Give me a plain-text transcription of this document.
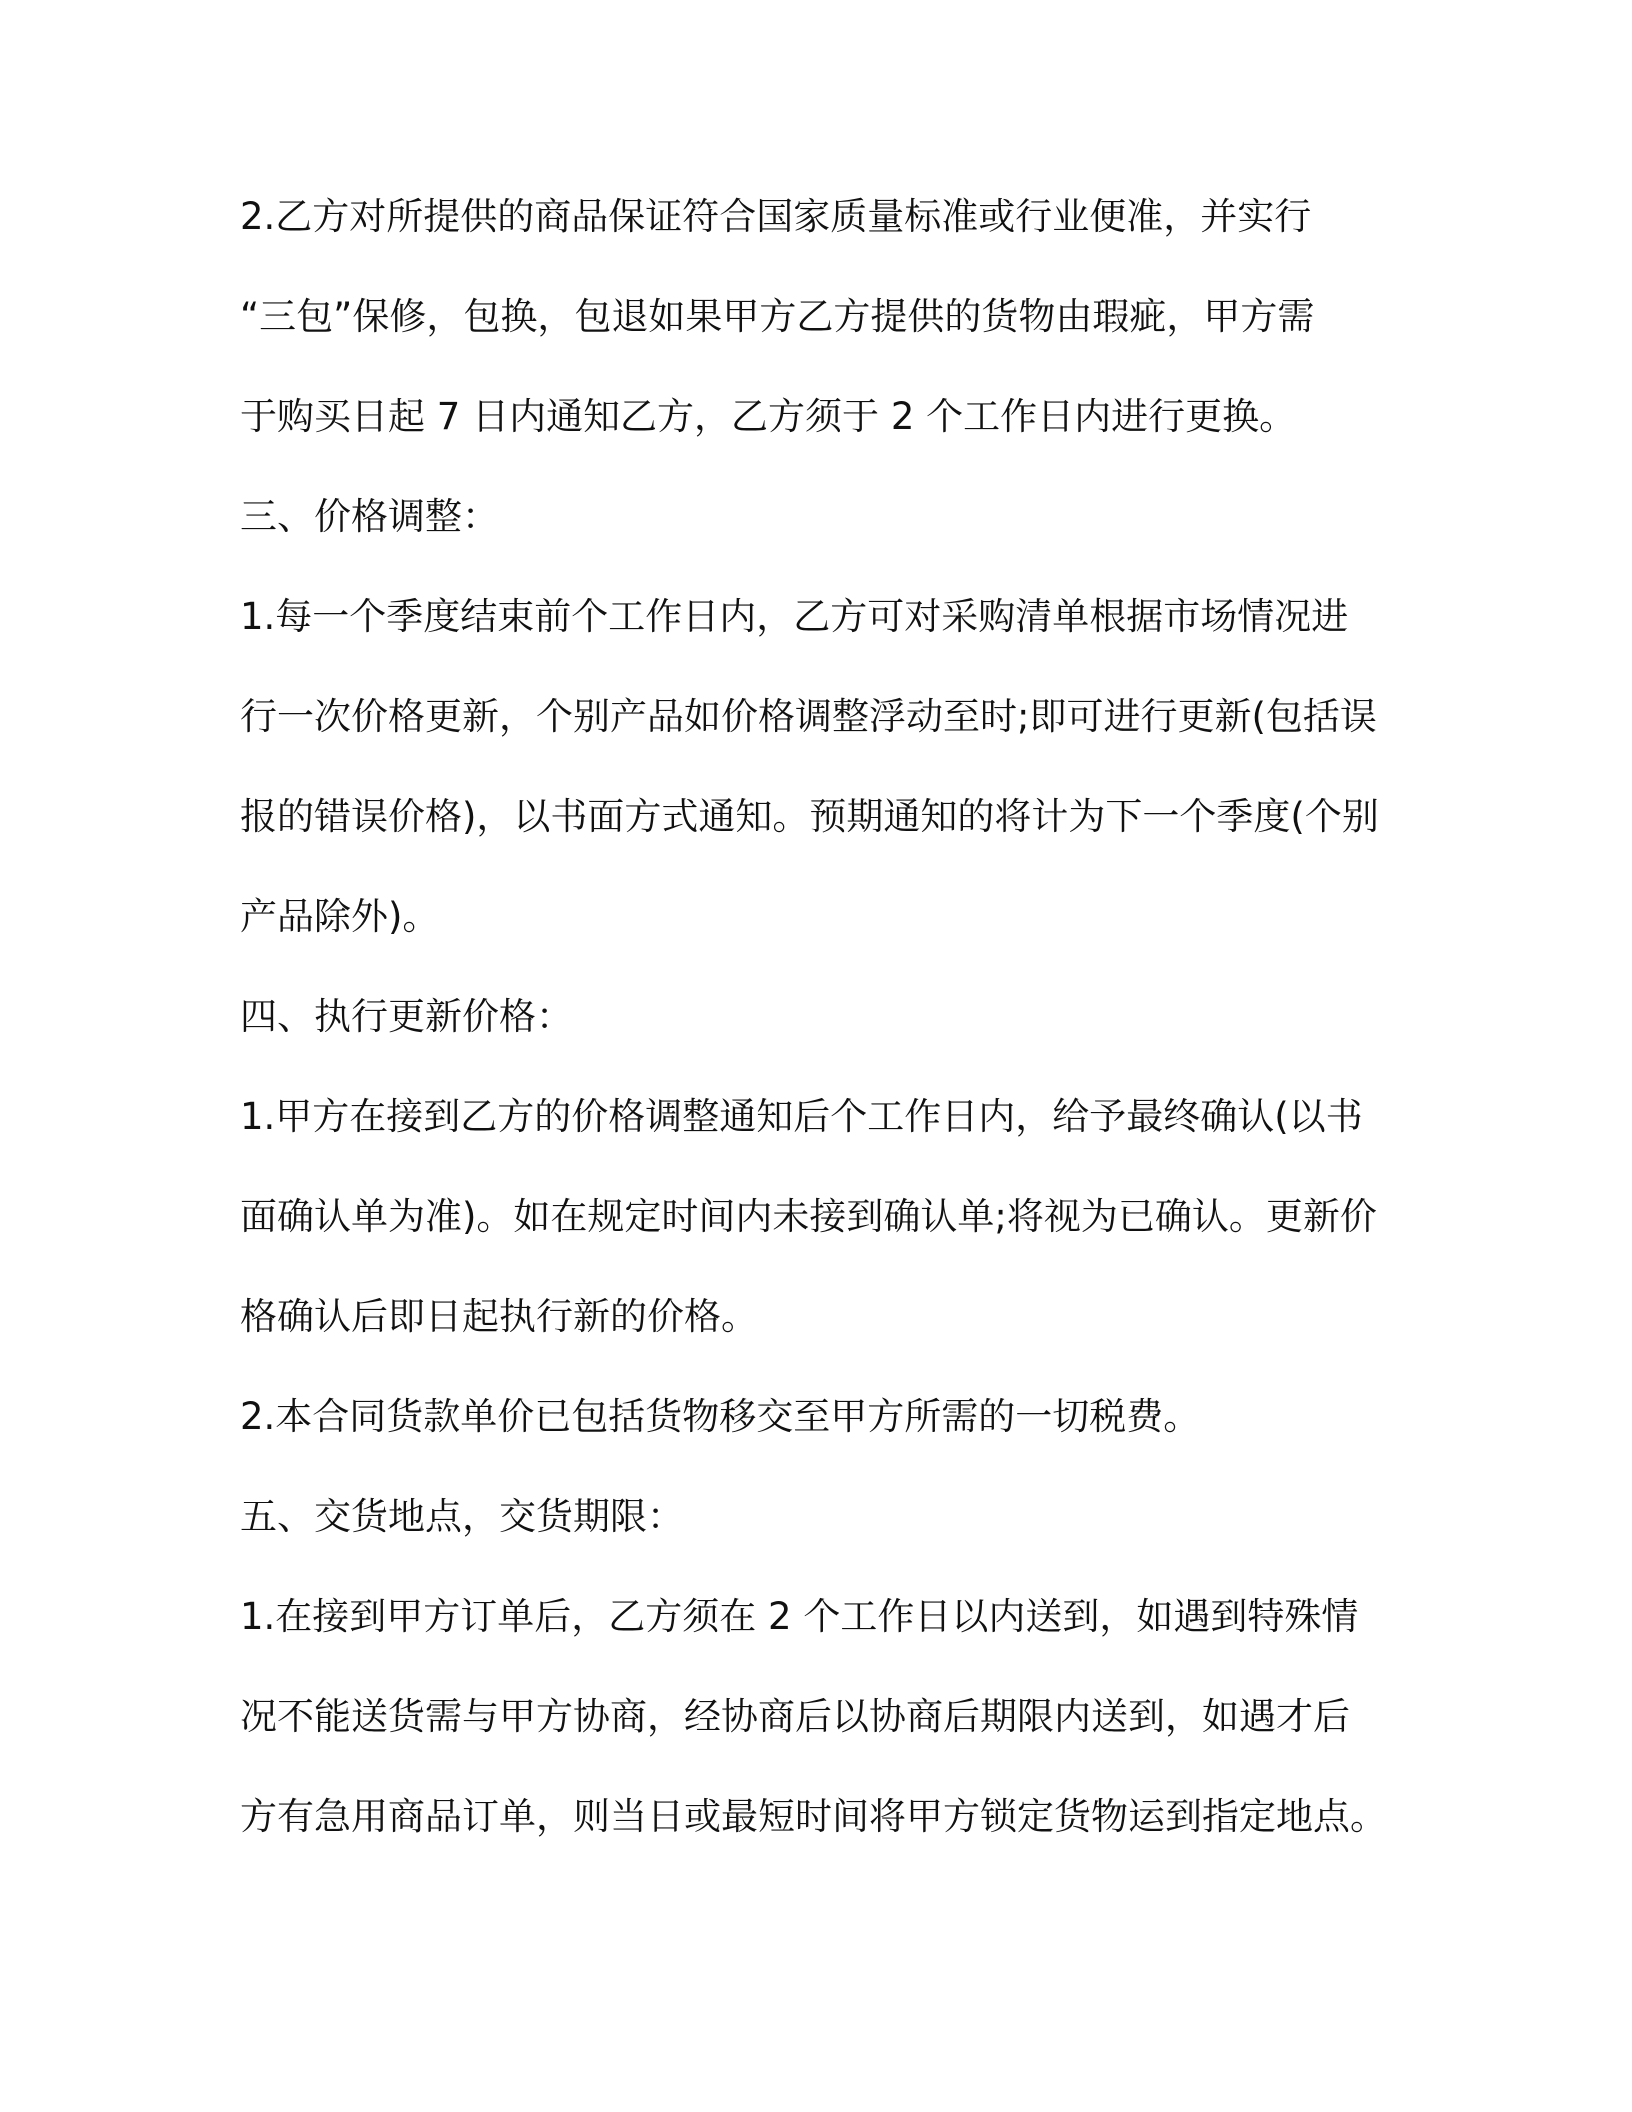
2.乙方对所提供的商品保证符合国家质量标准或行业便准，并实行
“三包”保修，包换，包退如果甲方乙方提供的货物由瑕疵，甲方需
于购买日起 7 日内通知乙方，乙方须于 2 个工作日内进行更换。
三、价格调整：
1.每一个季度结束前个工作日内，乙方可对采购清单根据市场情况进
行一次价格更新，个别产品如价格调整浮动至时;即可进行更新(包括误
报的错误价格)，以书面方式通知。预期通知的将计为下一个季度(个别
产品除外)。
四、执行更新价格：
1.甲方在接到乙方的价格调整通知后个工作日内，给予最终确认(以书
面确认单为准)。如在规定时间内未接到确认单;将视为已确认。更新价
格确认后即日起执行新的价格。
2.本合同货款单价已包括货物移交至甲方所需的一切税费。
五、交货地点，交货期限：
1.在接到甲方订单后，乙方须在 2 个工作日以内送到，如遇到特殊情
况不能送货需与甲方协商，经协商后以协商后期限内送到，如遇才后
方有急用商品订单，则当日或最短时间将甲方锁定货物运到指定地点。
